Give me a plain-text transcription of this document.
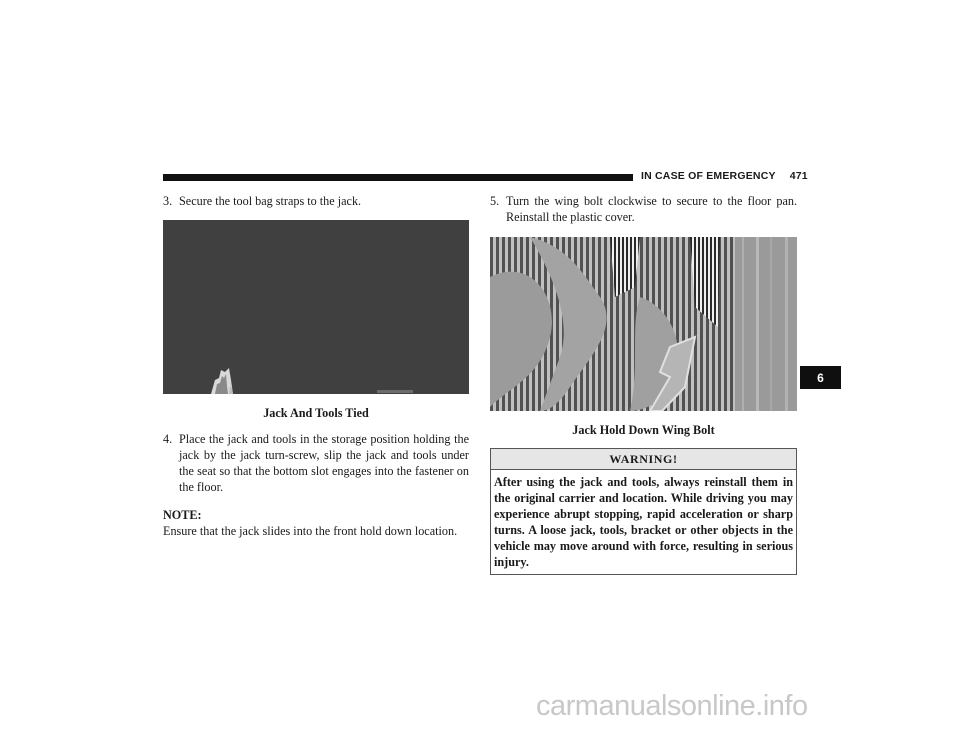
IN CASE OF EMERGENCY 471

3. Secure the tool bag straps to the jack.

Jack And Tools Tied

4. Place the jack and tools in the storage position holding the jack by the jack turn-screw, slip the jack and tools under the seat so that the bottom slot engages into the fastener on the floor.

NOTE:

Ensure that the jack slides into the front hold down location.

5. Turn the wing bolt clockwise to secure to the floor pan. Reinstall the plastic cover.

Jack Hold Down Wing Bolt
WARNING!
After using the jack and tools, always reinstall them in the original carrier and location. While driving you may experience abrupt stopping, rapid acceleration or sharp turns. A loose jack, tools, bracket or other objects in the vehicle may move around with force, resulting in serious injury.
6
carmanualsonline.info
